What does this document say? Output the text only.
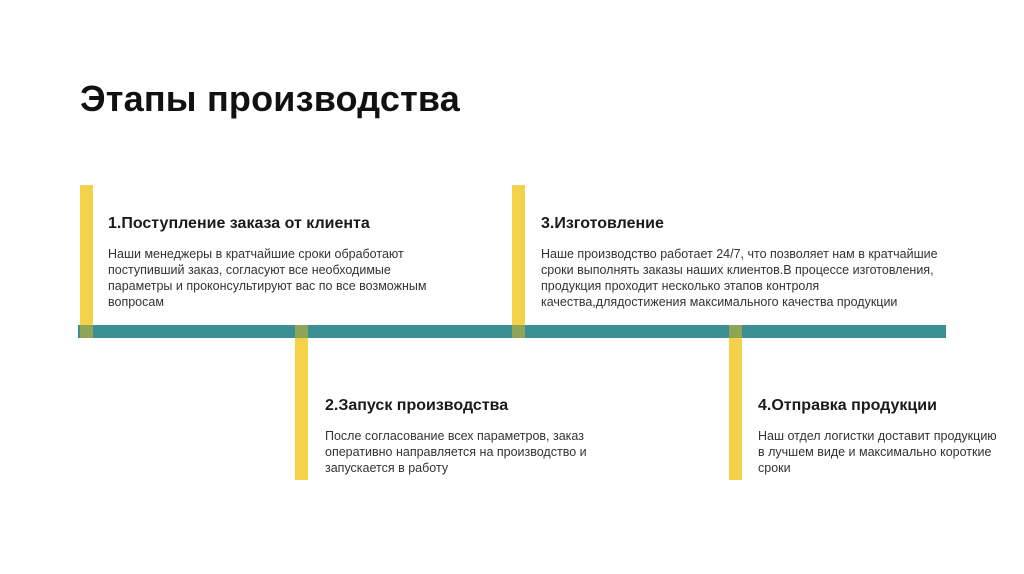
Этапы производства
1.Поступление заказа от клиента

Наши менеджеры в кратчайшие сроки обработают поступивший заказ, согласуют все необходимые параметры и проконсультируют вас по все возможным вопросам

2.Запуск производства

После согласование всех параметров, заказ оперативно направляется на производство и запускается в работу

3.Изготовление

Наше производство работает 24/7, что позволяет нам в кратчайшие сроки выполнять заказы наших клиентов.В процессе изготовления, продукция проходит несколько этапов контроля качества,длядостижения максимального качества продукции

4.Отправка продукции

Наш отдел логистки доставит продукцию в лучшем виде и максимально короткие сроки
